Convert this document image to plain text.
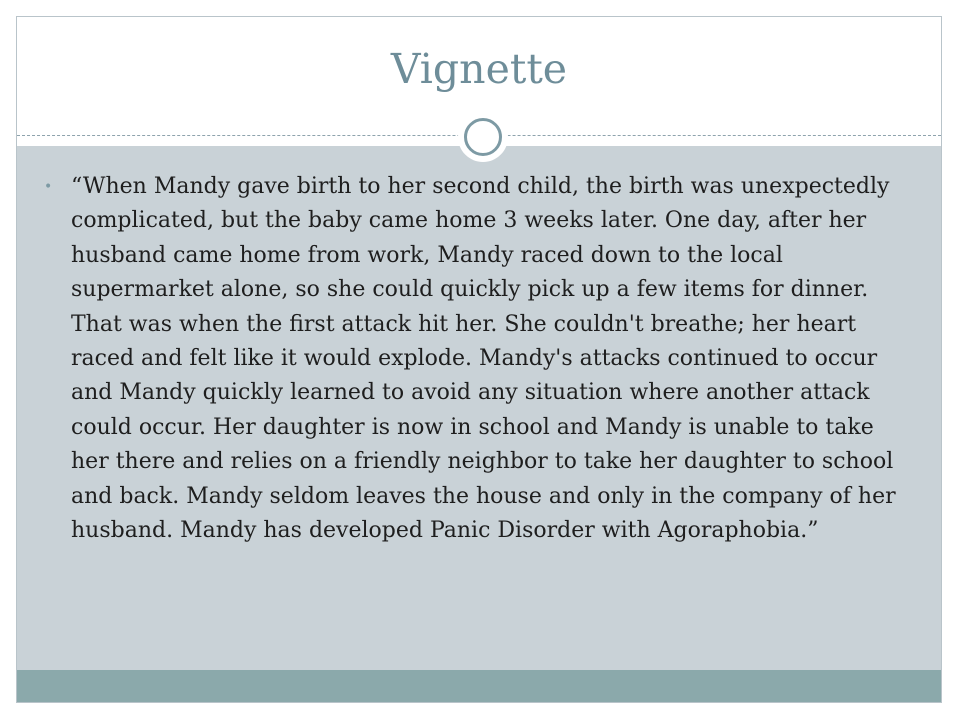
Vignette
• “When Mandy gave birth to her second child, the birth was unexpectedly complicated, but the baby came home 3 weeks later. One day, after her husband came home from work, Mandy raced down to the local supermarket alone, so she could quickly pick up a few items for dinner. That was when the first attack hit her. She couldn't breathe; her heart raced and felt like it would explode. Mandy's attacks continued to occur and Mandy quickly learned to avoid any situation where another attack could occur. Her daughter is now in school and Mandy is unable to take her there and relies on a friendly neighbor to take her daughter to school and back. Mandy seldom leaves the house and only in the company of her husband. Mandy has developed Panic Disorder with Agoraphobia.”
